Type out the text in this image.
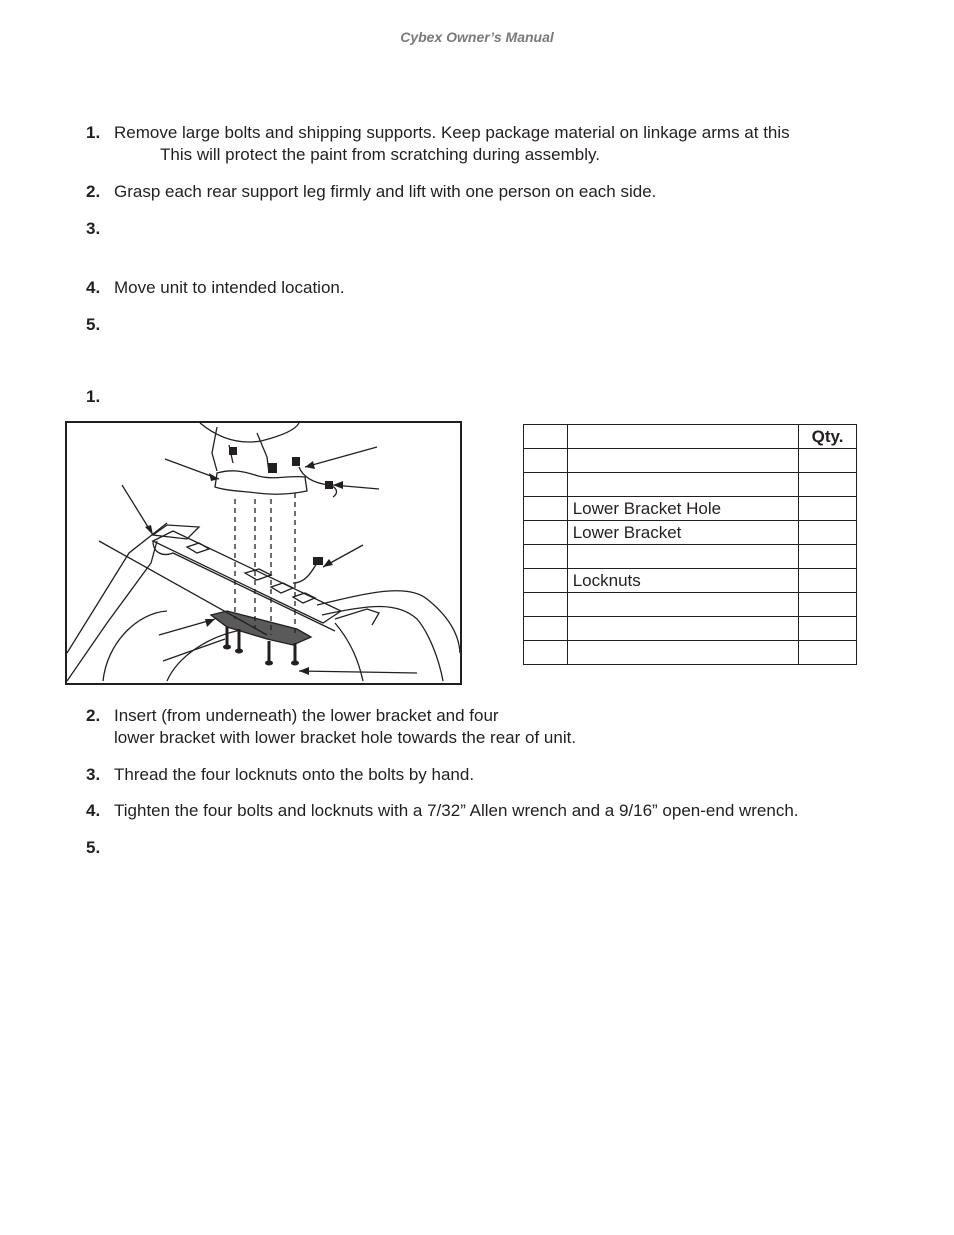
Cybex Owner’s Manual
1. Remove large bolts and shipping supports. Keep package material on linkage arms at this
This will protect the paint from scratching during assembly.
2. Grasp each rear support leg firmly and lift with one person on each side.
3.
4. Move unit to intended location.
5.
1.
		Qty.

	Lower Bracket Hole	
	Lower Bracket	

	Locknuts	

2. Insert (from underneath) the lower bracket and four
lower bracket with lower bracket hole towards the rear of unit.
3. Thread the four locknuts onto the bolts by hand.
4. Tighten the four bolts and locknuts with a 7/32” Allen wrench and a 9/16” open-end wrench.
5.
